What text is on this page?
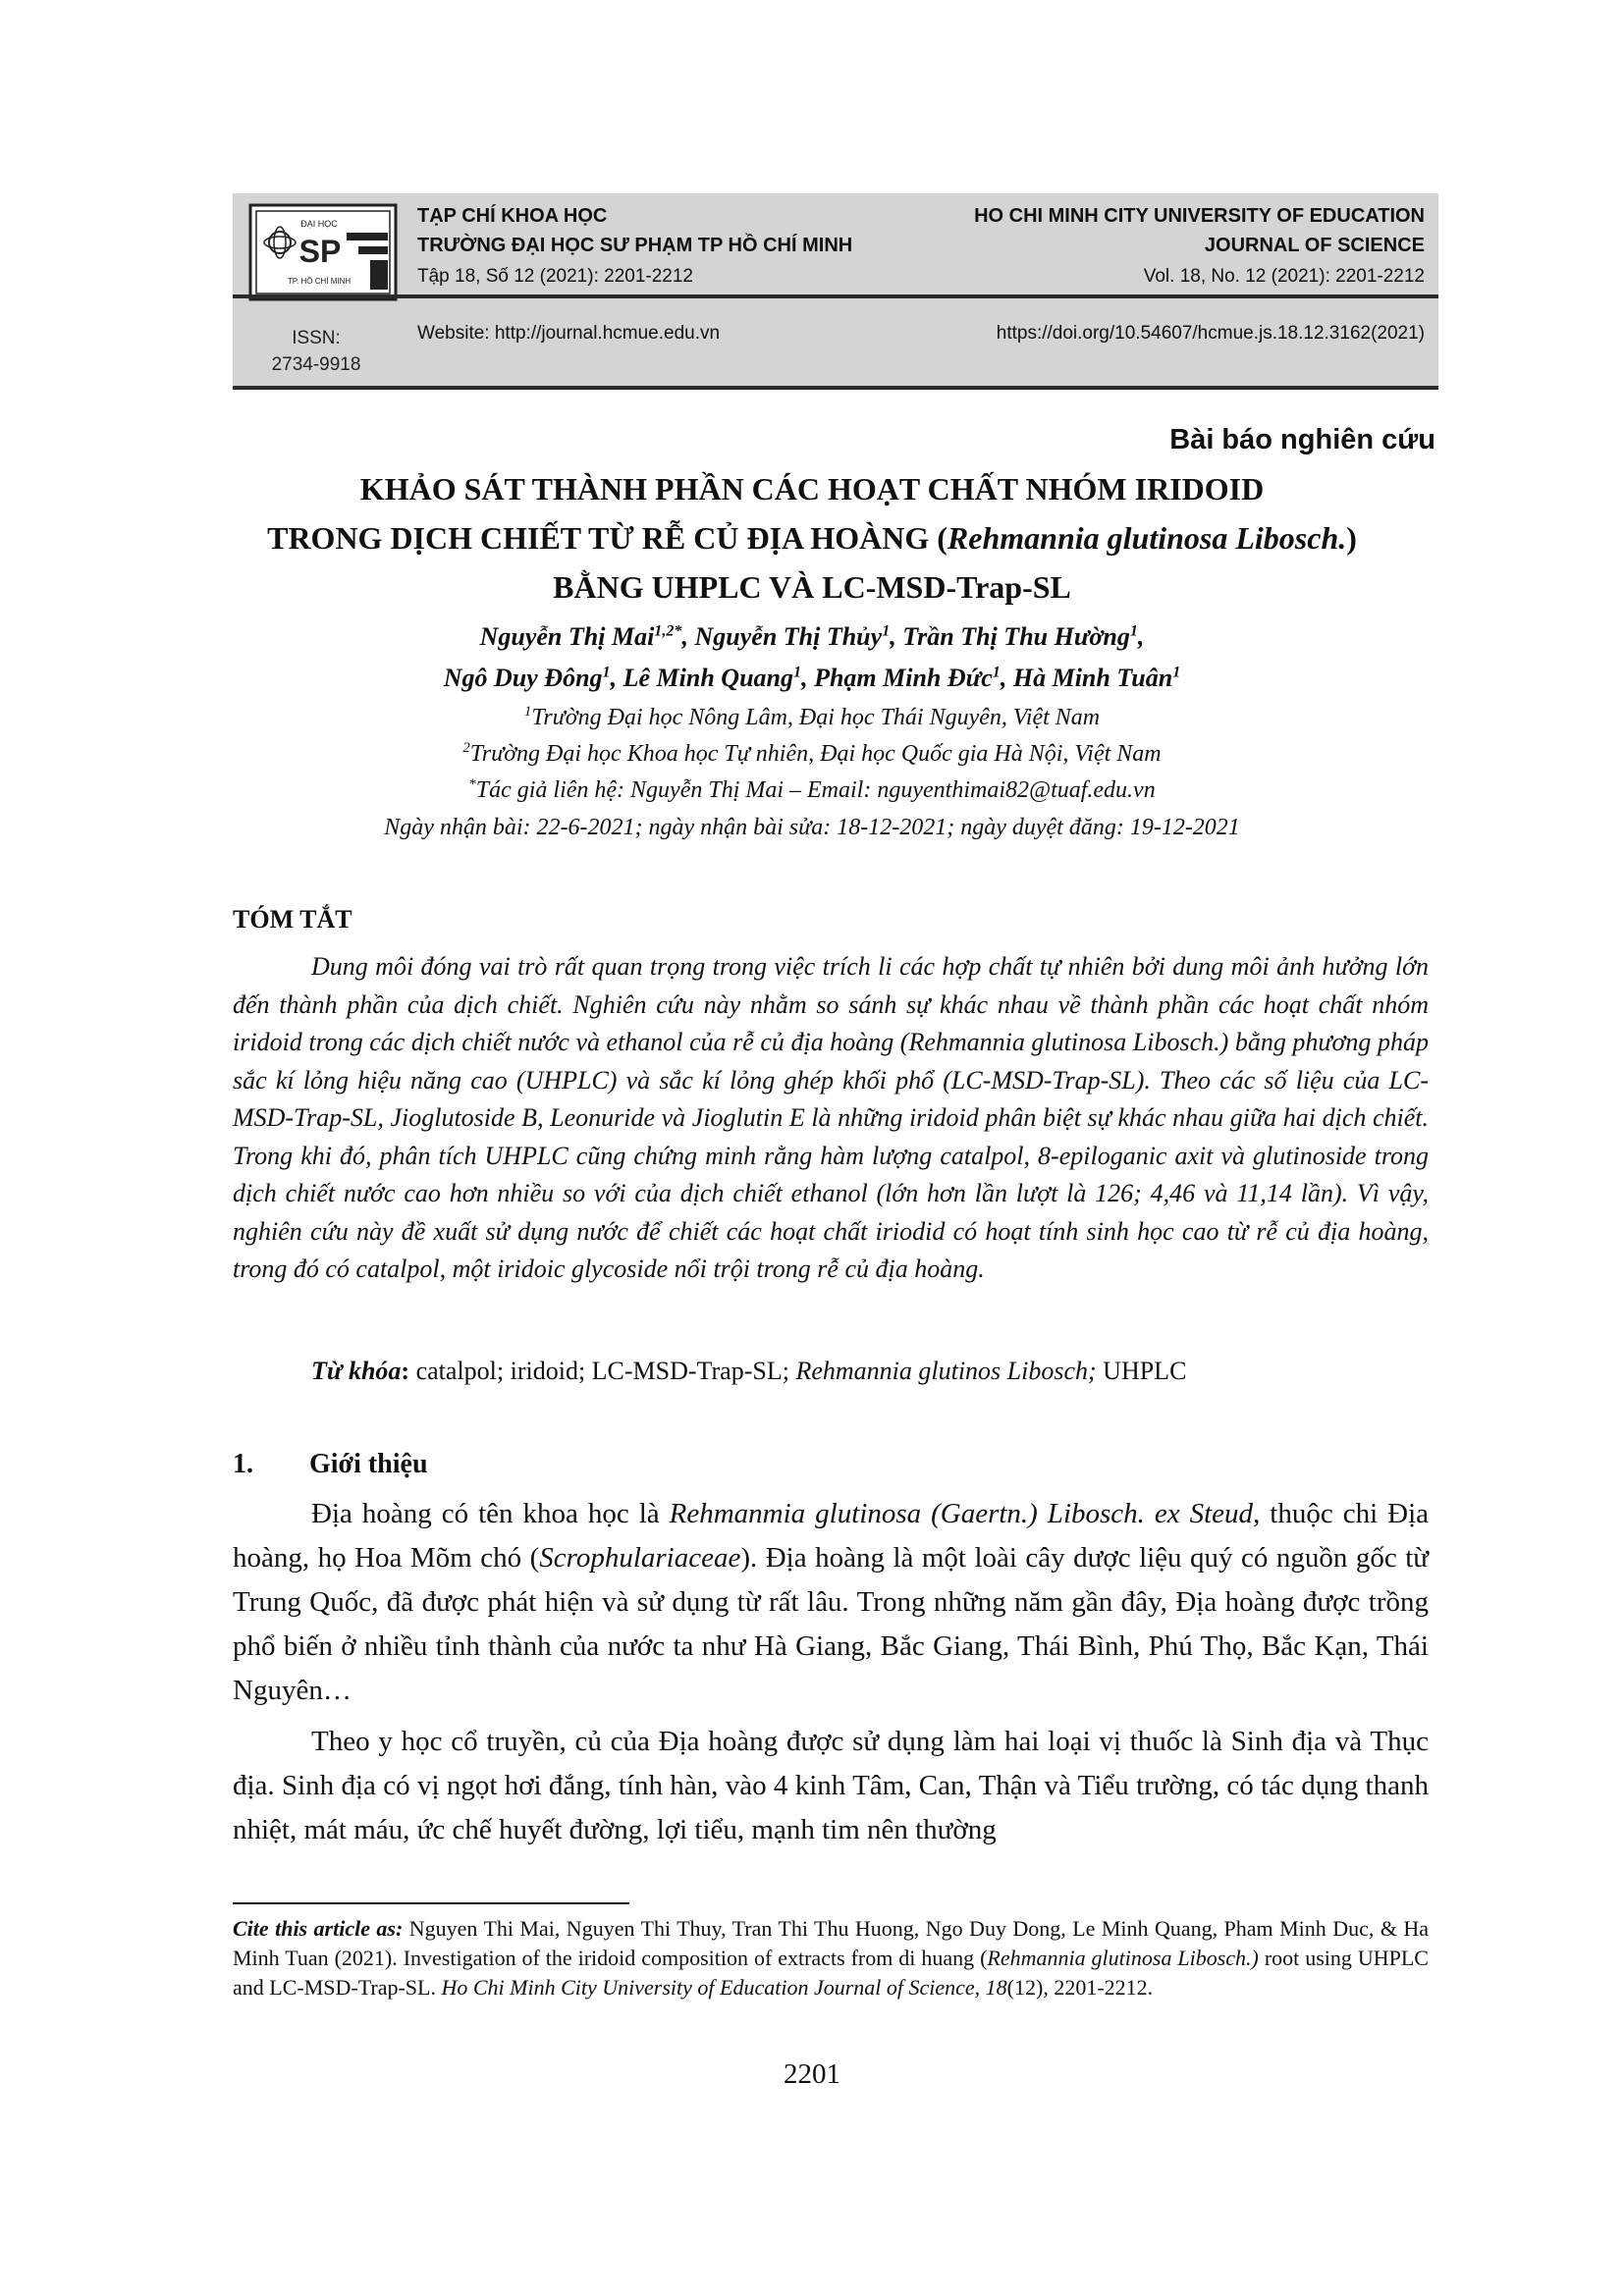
ĐẠI HỌC
SP
TP. HỒ CHÍ MINH
ISSN:
2734-9918
TẠP CHÍ KHOA HỌC
TRƯỜNG ĐẠI HỌC SƯ PHẠM TP HỒ CHÍ MINH
Tập 18, Số 12 (2021): 2201-2212
Website: http://journal.hcmue.edu.vn
HO CHI MINH CITY UNIVERSITY OF EDUCATION
JOURNAL OF SCIENCE
Vol. 18, No. 12 (2021): 2201-2212
https://doi.org/10.54607/hcmue.js.18.12.3162(2021)
Bài báo nghiên cứu
KHẢO SÁT THÀNH PHẦN CÁC HOẠT CHẤT NHÓM IRIDOID
TRONG DỊCH CHIẾT TỪ RỄ CỦ ĐỊA HOÀNG (Rehmannia glutinosa Libosch.)
BẰNG UHPLC VÀ LC-MSD-Trap-SL
Nguyễn Thị Mai$^{1,2*}$, Nguyễn Thị Thủy$^1$, Trần Thị Thu Hường$^1$,
Ngô Duy Đông$^1$, Lê Minh Quang$^1$, Phạm Minh Đức$^1$, Hà Minh Tuân$^1$
$^1$Trường Đại học Nông Lâm, Đại học Thái Nguyên, Việt Nam
$^2$Trường Đại học Khoa học Tự nhiên, Đại học Quốc gia Hà Nội, Việt Nam
*Tác giả liên hệ: Nguyễn Thị Mai – Email: nguyenthimai82@tuaf.edu.vn
Ngày nhận bài: 22-6-2021; ngày nhận bài sửa: 18-12-2021; ngày duyệt đăng: 19-12-2021
TÓM TẮT

Dung môi đóng vai trò rất quan trọng trong việc trích li các hợp chất tự nhiên bởi dung môi ảnh hưởng lớn đến thành phần của dịch chiết. Nghiên cứu này nhằm so sánh sự khác nhau về thành phần các hoạt chất nhóm iridoid trong các dịch chiết nước và ethanol của rễ củ địa hoàng (Rehmannia glutinosa Libosch.) bằng phương pháp sắc kí lỏng hiệu năng cao (UHPLC) và sắc kí lỏng ghép khối phổ (LC-MSD-Trap-SL). Theo các số liệu của LC-MSD-Trap-SL, Jioglutoside B, Leonuride và Jioglutin E là những iridoid phân biệt sự khác nhau giữa hai dịch chiết. Trong khi đó, phân tích UHPLC cũng chứng minh rằng hàm lượng catalpol, 8-epiloganic axit và glutinoside trong dịch chiết nước cao hơn nhiều so với của dịch chiết ethanol (lớn hơn lần lượt là 126; 4,46 và 11,14 lần). Vì vậy, nghiên cứu này đề xuất sử dụng nước để chiết các hoạt chất iriodid có hoạt tính sinh học cao từ rễ củ địa hoàng, trong đó có catalpol, một iridoic glycoside nổi trội trong rễ củ địa hoàng.

Từ khóa: catalpol; iridoid; LC-MSD-Trap-SL; Rehmannia glutinos Libosch; UHPLC
1. Giới thiệu

Địa hoàng có tên khoa học là Rehmanmia glutinosa (Gaertn.) Libosch. ex Steud, thuộc chi Địa hoàng, họ Hoa Mõm chó (Scrophulariaceae). Địa hoàng là một loài cây dược liệu quý có nguồn gốc từ Trung Quốc, đã được phát hiện và sử dụng từ rất lâu. Trong những năm gần đây, Địa hoàng được trồng phổ biến ở nhiều tỉnh thành của nước ta như Hà Giang, Bắc Giang, Thái Bình, Phú Thọ, Bắc Kạn, Thái Nguyên…

Theo y học cổ truyền, củ của Địa hoàng được sử dụng làm hai loại vị thuốc là Sinh địa và Thục địa. Sinh địa có vị ngọt hơi đắng, tính hàn, vào 4 kinh Tâm, Can, Thận và Tiểu trường, có tác dụng thanh nhiệt, mát máu, ức chế huyết đường, lợi tiểu, mạnh tim nên thường

Cite this article as: Nguyen Thi Mai, Nguyen Thi Thuy, Tran Thi Thu Huong, Ngo Duy Dong, Le Minh Quang, Pham Minh Duc, & Ha Minh Tuan (2021). Investigation of the iridoid composition of extracts from di huang (Rehmannia glutinosa Libosch.) root using UHPLC and LC-MSD-Trap-SL. Ho Chi Minh City University of Education Journal of Science, 18(12), 2201-2212.

2201
